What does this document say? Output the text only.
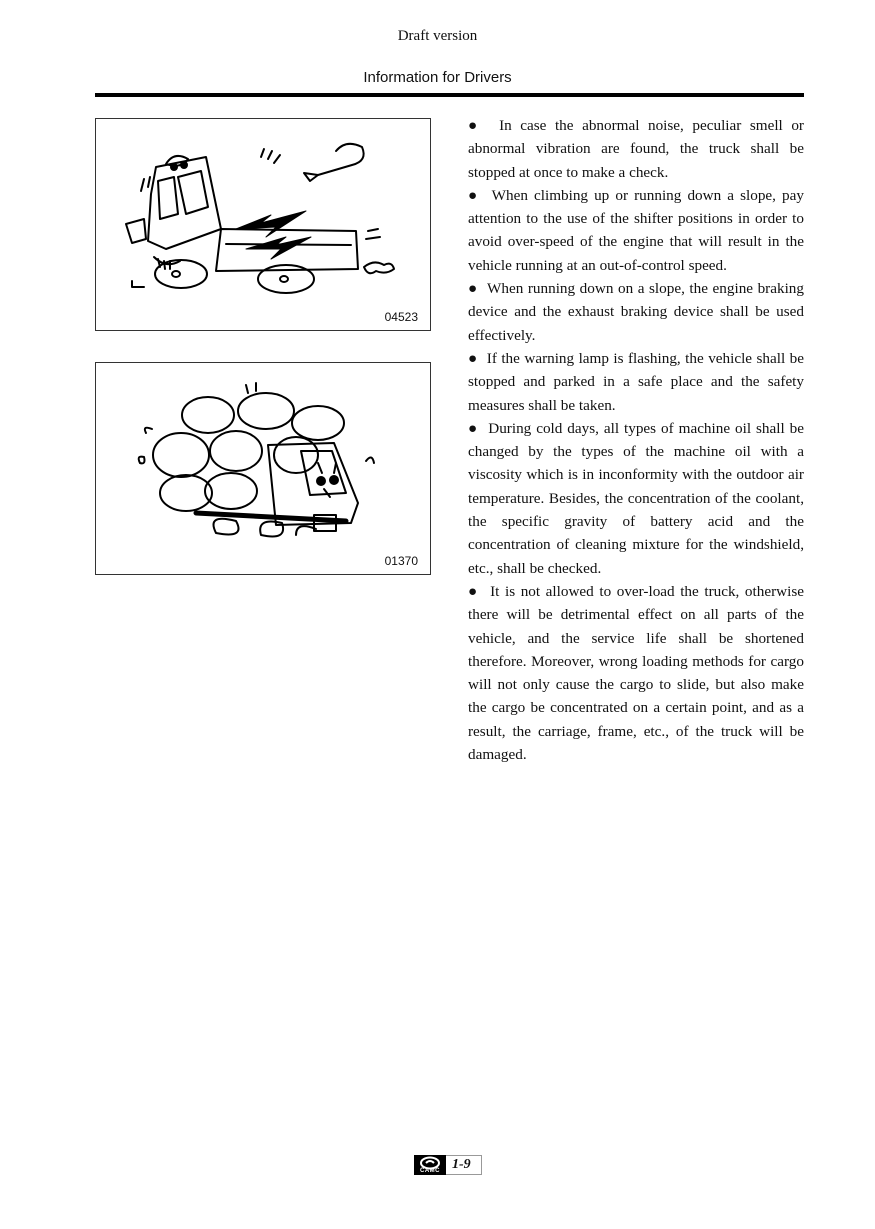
Draft version
Information for Drivers
04523
01370

●  In case the abnormal noise, peculiar smell or abnormal vibration are found, the truck shall be stopped at once to make a check.

●  When climbing up or running down a slope, pay attention to the use of the shifter positions in order to avoid over-speed of the engine that will result in the vehicle running at an out-of-control speed.

●  When running down on a slope, the engine braking device and the exhaust braking device shall be used effectively.

●  If the warning lamp is flashing, the vehicle shall be stopped and parked in a safe place and the safety measures shall be taken.

●  During cold days, all types of machine oil shall be changed by the types of the machine oil with a viscosity which is in inconformity with the outdoor air temperature. Besides, the concentration of the coolant, the specific gravity of battery acid and the concentration of cleaning mixture for the windshield, etc., shall be checked.

●  It is not allowed to over-load the truck, otherwise there will be detrimental effect on all parts of the vehicle, and the service life shall be shortened therefore. Moreover, wrong loading methods for cargo will not only cause the cargo to slide, but also make the cargo be concentrated on a certain point, and as a result, the carriage, frame, etc., of the truck will be damaged.

CAMC 1-9
